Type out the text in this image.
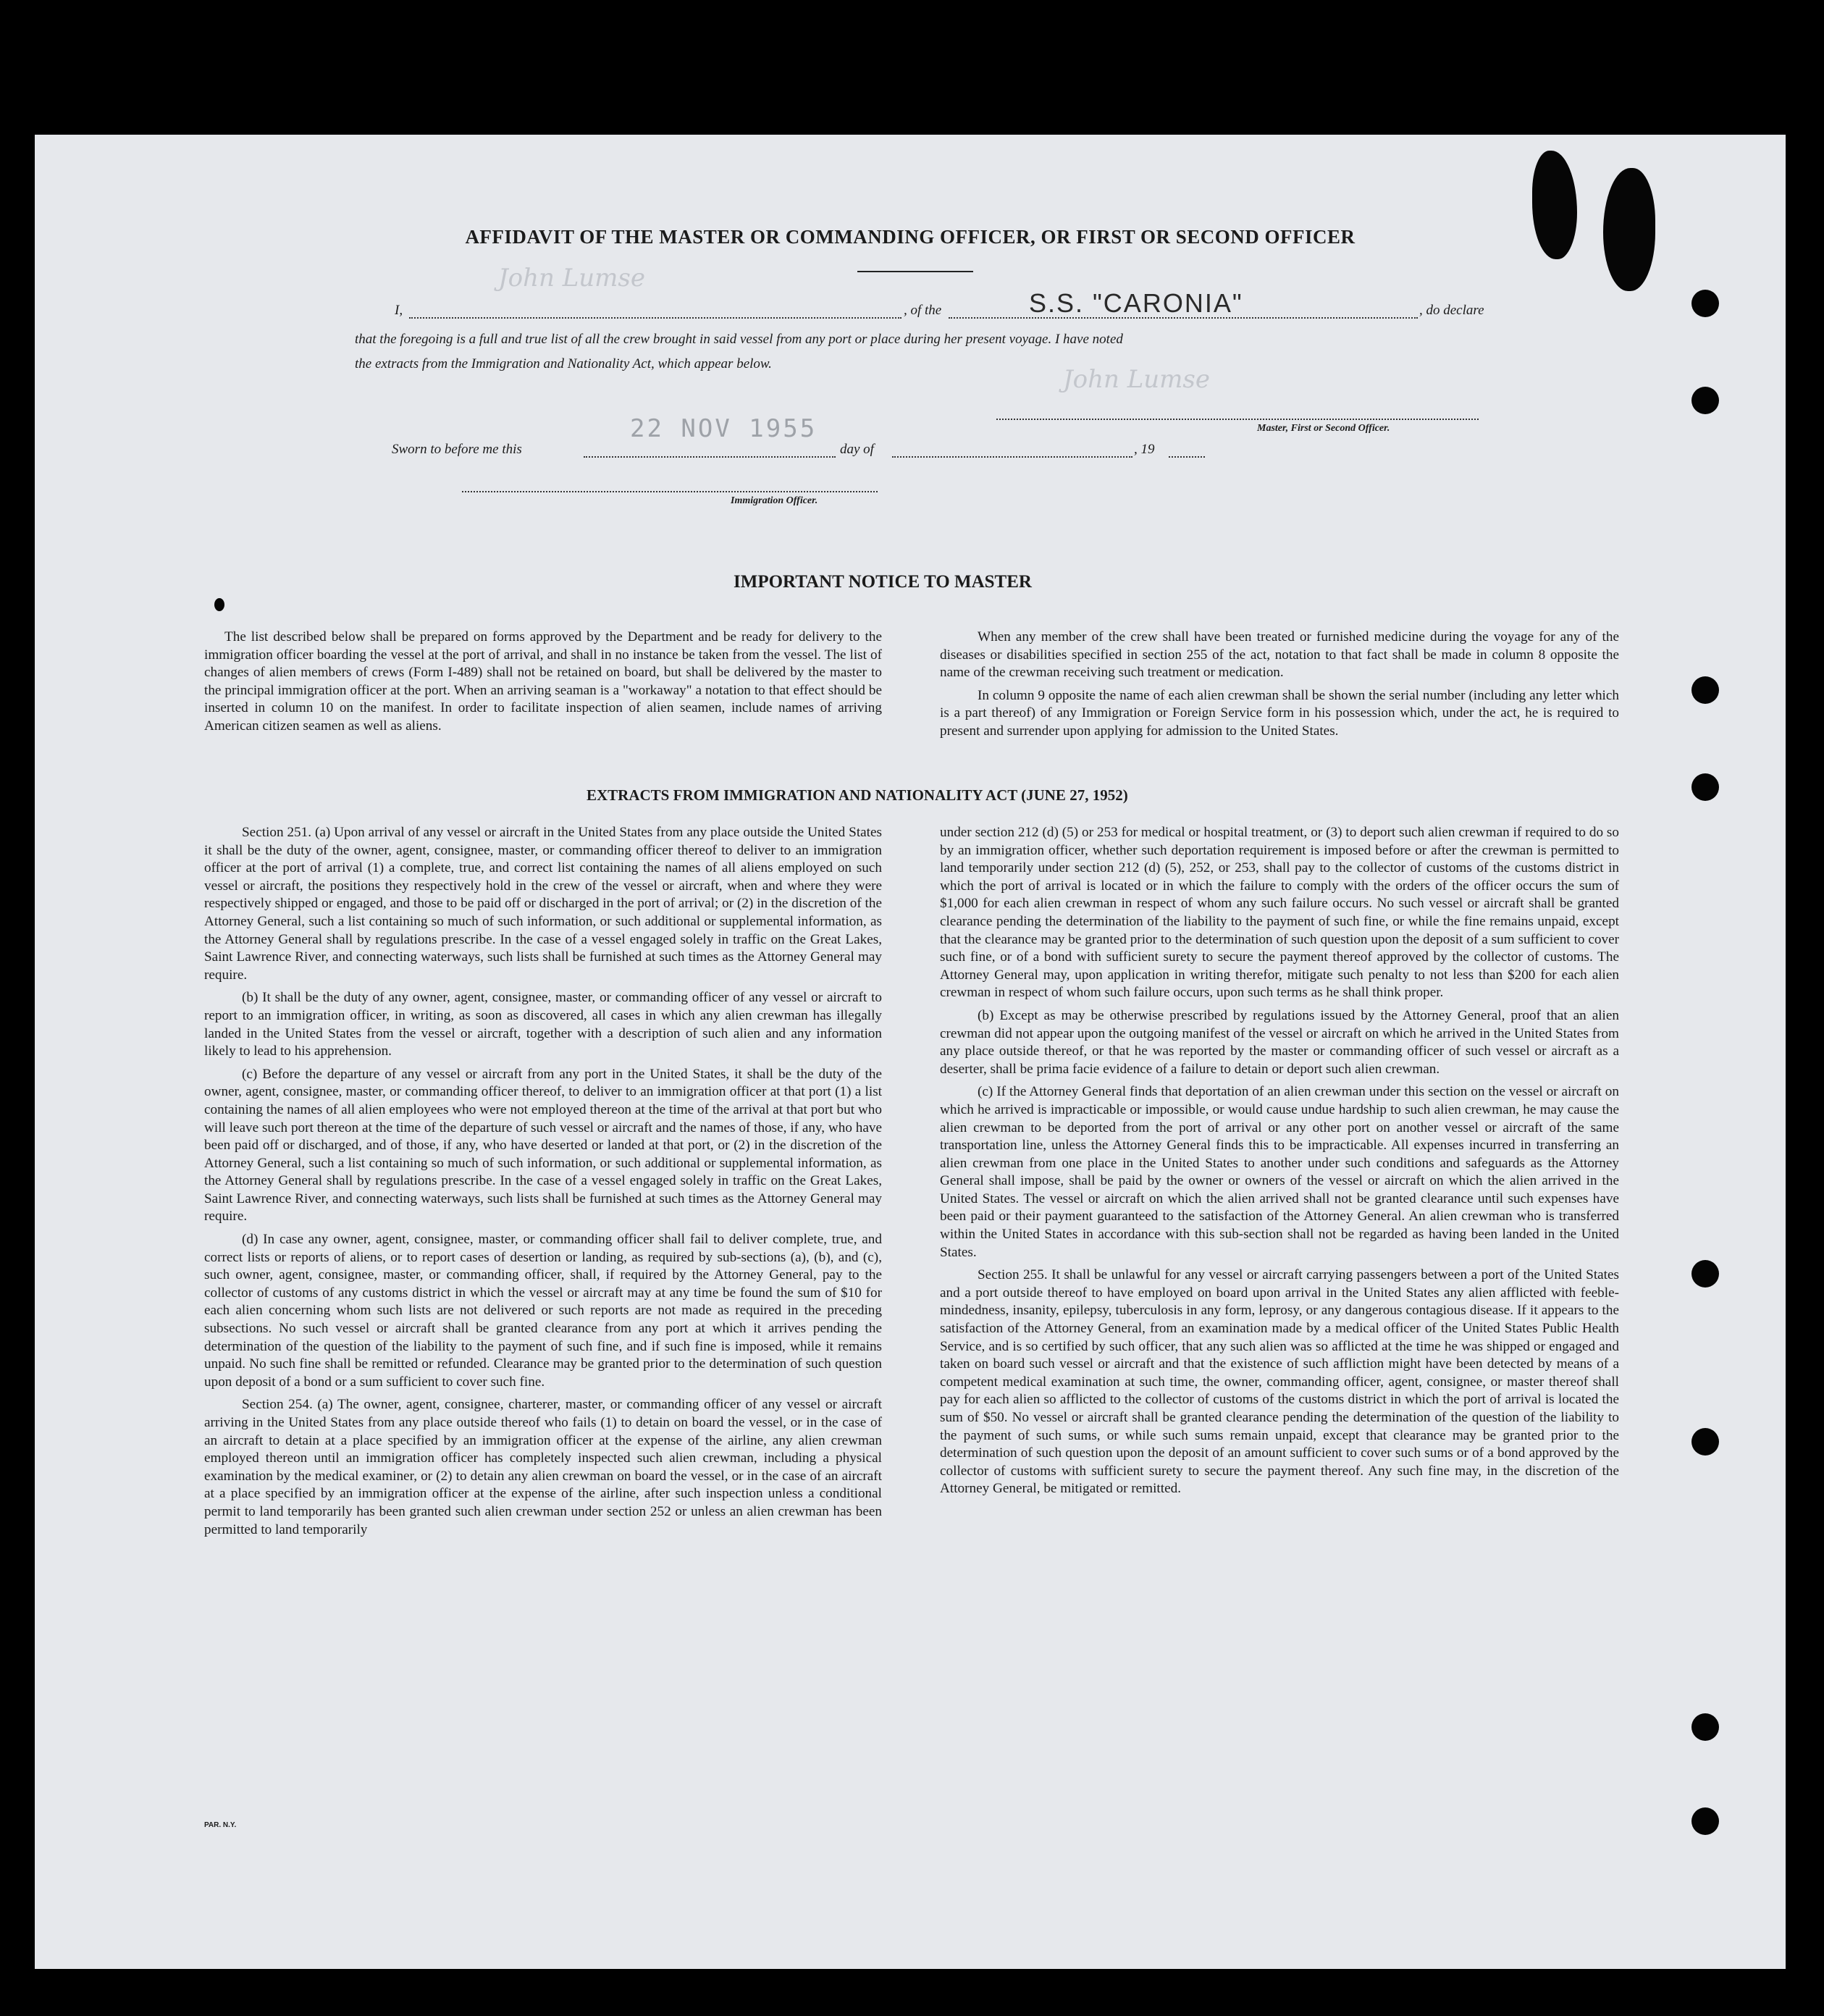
AFFIDAVIT OF THE MASTER OR COMMANDING OFFICER, OR FIRST OR SECOND OFFICER
I,
John Lumse
, of the	S.S. "CARONIA"	, do declare
that the foregoing is a full and true list of all the crew brought in said vessel from any port or place during her present voyage. I have noted
the extracts from the Immigration and Nationality Act, which appear below.
John Lumse
Master, First or Second Officer.
Sworn to before me this
22 NOV 1955
day of	, 19
Immigration Officer.
IMPORTANT NOTICE TO MASTER

The list described below shall be prepared on forms approved by the Department and be ready for delivery to the immigration officer boarding the vessel at the port of arrival, and shall in no instance be taken from the vessel. The list of changes of alien members of crews (Form I-489) shall not be retained on board, but shall be delivered by the master to the principal immigration officer at the port. When an arriving seaman is a "workaway" a notation to that effect should be inserted in column 10 on the manifest. In order to facilitate inspection of alien seamen, include names of arriving American citizen seamen as well as aliens.

When any member of the crew shall have been treated or furnished medicine during the voyage for any of the diseases or disabilities specified in section 255 of the act, notation to that fact shall be made in column 8 opposite the name of the crewman receiving such treatment or medication.

In column 9 opposite the name of each alien crewman shall be shown the serial number (including any letter which is a part thereof) of any Immigration or Foreign Service form in his possession which, under the act, he is required to present and surrender upon applying for admission to the United States.

EXTRACTS FROM IMMIGRATION AND NATIONALITY ACT (JUNE 27, 1952)

Section 251. (a) Upon arrival of any vessel or aircraft in the United States from any place outside the United States it shall be the duty of the owner, agent, consignee, master, or commanding officer thereof to deliver to an immigration officer at the port of arrival (1) a complete, true, and correct list containing the names of all aliens employed on such vessel or aircraft, the positions they respectively hold in the crew of the vessel or aircraft, when and where they were respectively shipped or engaged, and those to be paid off or discharged in the port of arrival; or (2) in the discretion of the Attorney General, such a list containing so much of such information, or such additional or supplemental information, as the Attorney General shall by regulations prescribe. In the case of a vessel engaged solely in traffic on the Great Lakes, Saint Lawrence River, and connecting waterways, such lists shall be furnished at such times as the Attorney General may require.

(b) It shall be the duty of any owner, agent, consignee, master, or commanding officer of any vessel or aircraft to report to an immigration officer, in writing, as soon as discovered, all cases in which any alien crewman has illegally landed in the United States from the vessel or aircraft, together with a description of such alien and any information likely to lead to his apprehension.

(c) Before the departure of any vessel or aircraft from any port in the United States, it shall be the duty of the owner, agent, consignee, master, or commanding officer thereof, to deliver to an immigration officer at that port (1) a list containing the names of all alien employees who were not employed thereon at the time of the arrival at that port but who will leave such port thereon at the time of the departure of such vessel or aircraft and the names of those, if any, who have been paid off or discharged, and of those, if any, who have deserted or landed at that port, or (2) in the discretion of the Attorney General, such a list containing so much of such information, or such additional or supplemental information, as the Attorney General shall by regulations prescribe. In the case of a vessel engaged solely in traffic on the Great Lakes, Saint Lawrence River, and connecting waterways, such lists shall be furnished at such times as the Attorney General may require.

(d) In case any owner, agent, consignee, master, or commanding officer shall fail to deliver complete, true, and correct lists or reports of aliens, or to report cases of desertion or landing, as required by sub-sections (a), (b), and (c), such owner, agent, consignee, master, or commanding officer, shall, if required by the Attorney General, pay to the collector of customs of any customs district in which the vessel or aircraft may at any time be found the sum of $10 for each alien concerning whom such lists are not delivered or such reports are not made as required in the preceding subsections. No such vessel or aircraft shall be granted clearance from any port at which it arrives pending the determination of the question of the liability to the payment of such fine, and if such fine is imposed, while it remains unpaid. No such fine shall be remitted or refunded. Clearance may be granted prior to the determination of such question upon deposit of a bond or a sum sufficient to cover such fine.

Section 254. (a) The owner, agent, consignee, charterer, master, or commanding officer of any vessel or aircraft arriving in the United States from any place outside thereof who fails (1) to detain on board the vessel, or in the case of an aircraft to detain at a place specified by an immigration officer at the expense of the airline, any alien crewman employed thereon until an immigration officer has completely inspected such alien crewman, including a physical examination by the medical examiner, or (2) to detain any alien crewman on board the vessel, or in the case of an aircraft at a place specified by an immigration officer at the expense of the airline, after such inspection unless a conditional permit to land temporarily has been granted such alien crewman under section 252 or unless an alien crewman has been permitted to land temporarily

under section 212 (d) (5) or 253 for medical or hospital treatment, or (3) to deport such alien crewman if required to do so by an immigration officer, whether such deportation requirement is imposed before or after the crewman is permitted to land temporarily under section 212 (d) (5), 252, or 253, shall pay to the collector of customs of the customs district in which the port of arrival is located or in which the failure to comply with the orders of the officer occurs the sum of $1,000 for each alien crewman in respect of whom any such failure occurs. No such vessel or aircraft shall be granted clearance pending the determination of the liability to the payment of such fine, or while the fine remains unpaid, except that the clearance may be granted prior to the determination of such question upon the deposit of a sum sufficient to cover such fine, or of a bond with sufficient surety to secure the payment thereof approved by the collector of customs. The Attorney General may, upon application in writing therefor, mitigate such penalty to not less than $200 for each alien crewman in respect of whom such failure occurs, upon such terms as he shall think proper.

(b) Except as may be otherwise prescribed by regulations issued by the Attorney General, proof that an alien crewman did not appear upon the outgoing manifest of the vessel or aircraft on which he arrived in the United States from any place outside thereof, or that he was reported by the master or commanding officer of such vessel or aircraft as a deserter, shall be prima facie evidence of a failure to detain or deport such alien crewman.

(c) If the Attorney General finds that deportation of an alien crewman under this section on the vessel or aircraft on which he arrived is impracticable or impossible, or would cause undue hardship to such alien crewman, he may cause the alien crewman to be deported from the port of arrival or any other port on another vessel or aircraft of the same transportation line, unless the Attorney General finds this to be impracticable. All expenses incurred in transferring an alien crewman from one place in the United States to another under such conditions and safeguards as the Attorney General shall impose, shall be paid by the owner or owners of the vessel or aircraft on which the alien arrived in the United States. The vessel or aircraft on which the alien arrived shall not be granted clearance until such expenses have been paid or their payment guaranteed to the satisfaction of the Attorney General. An alien crewman who is transferred within the United States in accordance with this sub-section shall not be regarded as having been landed in the United States.

Section 255. It shall be unlawful for any vessel or aircraft carrying passengers between a port of the United States and a port outside thereof to have employed on board upon arrival in the United States any alien afflicted with feeble-mindedness, insanity, epilepsy, tuberculosis in any form, leprosy, or any dangerous contagious disease. If it appears to the satisfaction of the Attorney General, from an examination made by a medical officer of the United States Public Health Service, and is so certified by such officer, that any such alien was so afflicted at the time he was shipped or engaged and taken on board such vessel or aircraft and that the existence of such affliction might have been detected by means of a competent medical examination at such time, the owner, commanding officer, agent, consignee, or master thereof shall pay for each alien so afflicted to the collector of customs of the customs district in which the port of arrival is located the sum of $50. No vessel or aircraft shall be granted clearance pending the determination of the question of the liability to the payment of such sums, or while such sums remain unpaid, except that clearance may be granted prior to the determination of such question upon the deposit of an amount sufficient to cover such sums or of a bond approved by the collector of customs with sufficient surety to secure the payment thereof. Any such fine may, in the discretion of the Attorney General, be mitigated or remitted.

PAR. N.Y.
